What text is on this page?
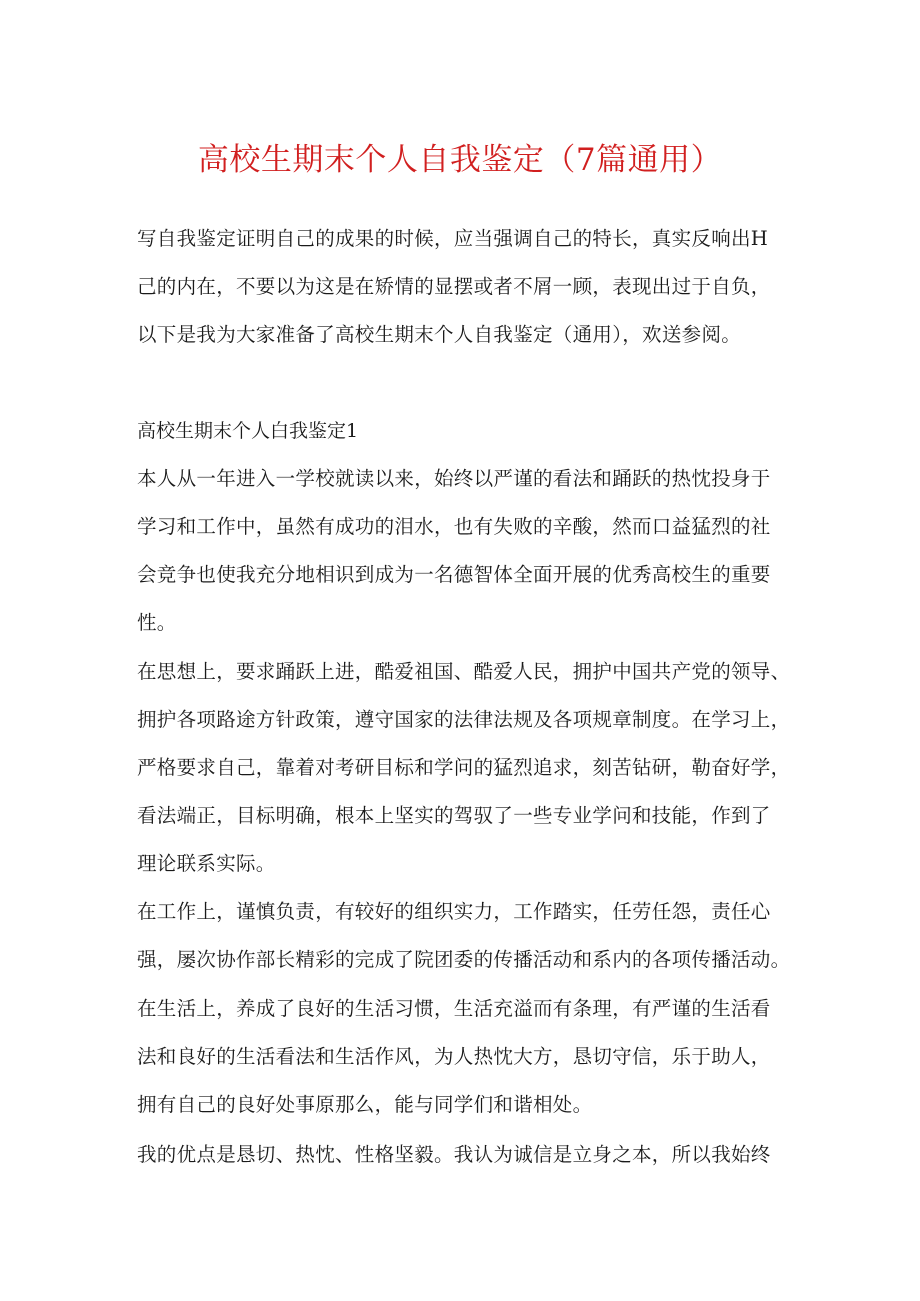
高校生期末个人自我鉴定（7篇通用）
写自我鉴定证明自己的成果的时候，应当强调自己的特长，真实反响出H
己的内在，不要以为这是在矫情的显摆或者不屑一顾，表现出过于自负，
以下是我为大家准备了高校生期末个人自我鉴定（通用），欢送参阅。
高校生期末个人白我鉴定1
本人从一年进入一学校就读以来，始终以严谨的看法和踊跃的热忱投身于
学习和工作中，虽然有成功的泪水，也有失败的辛酸，然而口益猛烈的社
会竞争也使我充分地相识到成为一名德智体全面开展的优秀高校生的重要
性。
在思想上，要求踊跃上进，酷爱祖国、酷爱人民，拥护中国共产党的领导、
拥护各项路途方针政策，遵守国家的法律法规及各项规章制度。在学习上，
严格要求自己，靠着对考研目标和学问的猛烈追求，刻苦钻研，勒奋好学，
看法端正，目标明确，根本上坚实的驾驭了一些专业学问和技能，作到了
理论联系实际。
在工作上，谨慎负责，有较好的组织实力，工作踏实，任劳任怨，责任心
强，屡次协作部长精彩的完成了院团委的传播活动和系内的各项传播活动。
在生活上，养成了良好的生活习惯，生活充溢而有条理，有严谨的生活看
法和良好的生活看法和生活作风，为人热忱大方，恳切守信，乐于助人，
拥有自己的良好处事原那么，能与同学们和谐相处。
我的优点是恳切、热忱、性格坚毅。我认为诚信是立身之本，所以我始终
